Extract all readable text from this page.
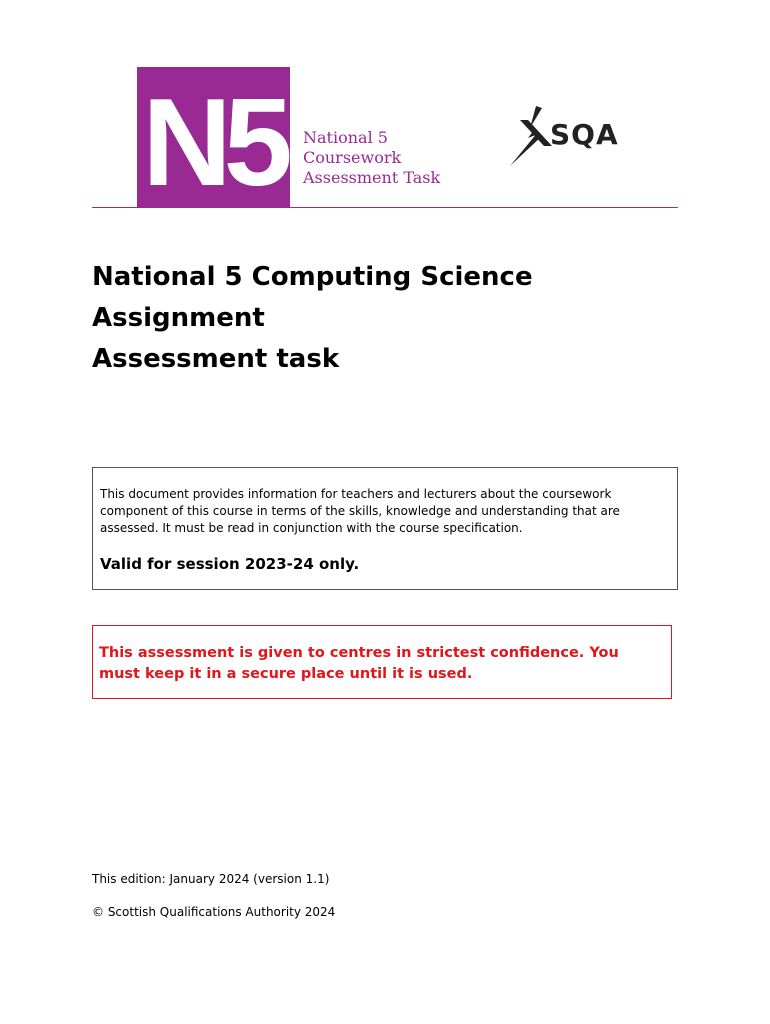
N5	National 5
Coursework
Assessment Task
SQA
National 5 Computing Science
Assignment
Assessment task
This document provides information for teachers and lecturers about the coursework component of this course in terms of the skills, knowledge and understanding that are assessed. It must be read in conjunction with the course specification.
Valid for session 2023-24 only.
This assessment is given to centres in strictest confidence. You must keep it in a secure place until it is used.
This edition: January 2024 (version 1.1)
© Scottish Qualifications Authority 2024
